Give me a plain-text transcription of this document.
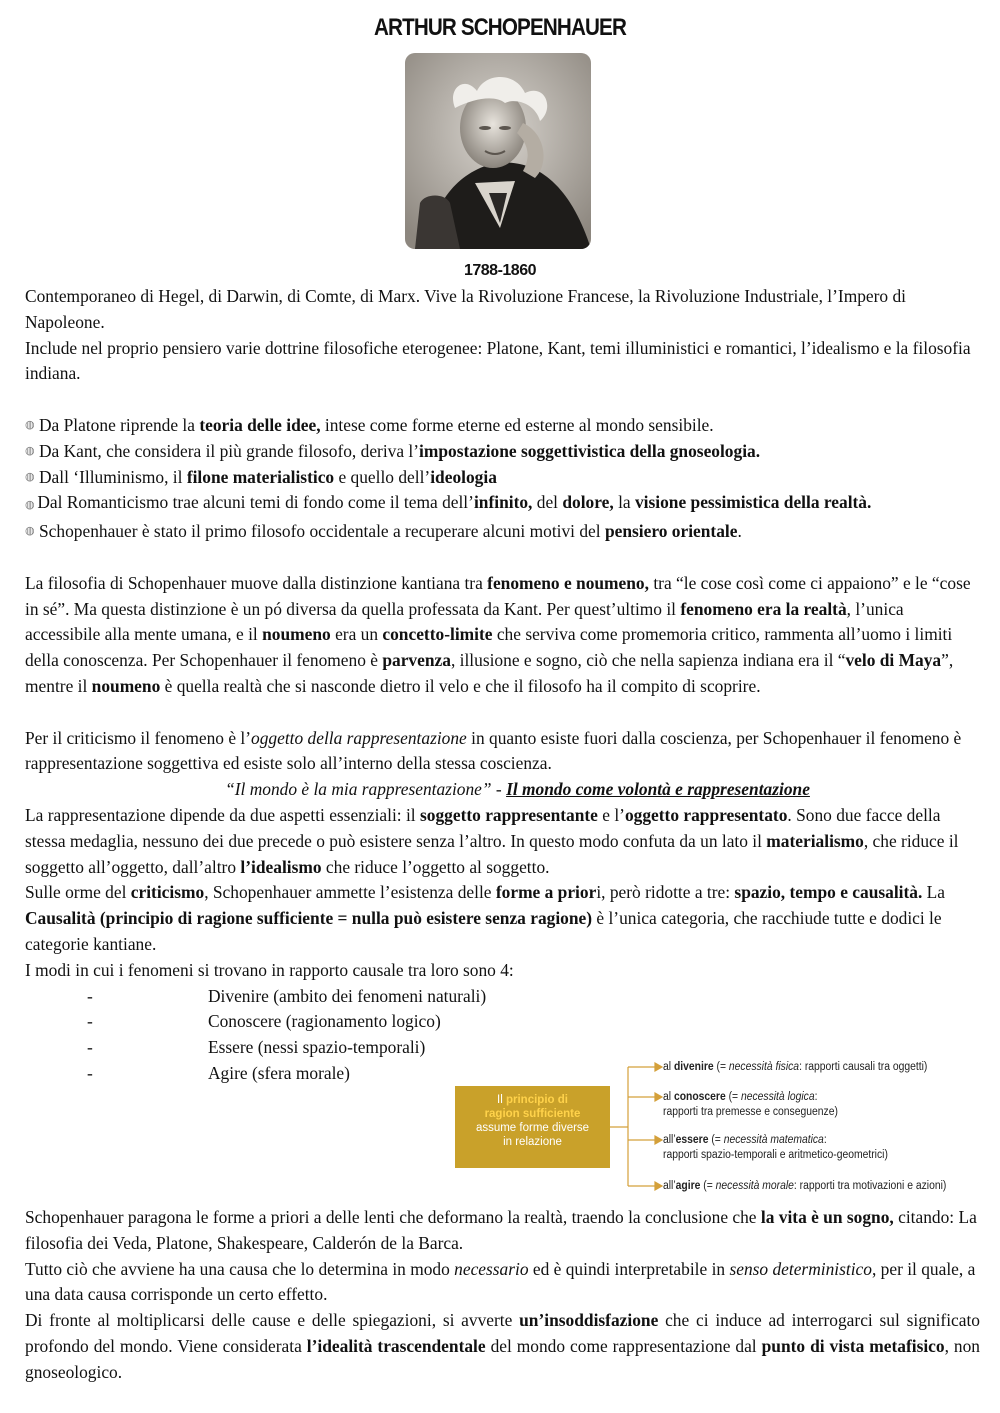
ARTHUR SCHOPENHAUER
1788-1860

Contemporaneo di Hegel, di Darwin, di Comte, di Marx. Vive la Rivoluzione Francese, la Rivoluzione Industriale, l’Impero di Napoleone.

Include nel proprio pensiero varie dottrine filosofiche eterogenee: Platone, Kant, temi illuministici e romantici, l’idealismo e la filosofia indiana.

◍ Da Platone riprende la teoria delle idee, intese come forme eterne ed esterne al mondo sensibile.
◍ Da Kant, che considera il più grande filosofo, deriva l’impostazione soggettivistica della gnoseologia.
◍ Dall ‘Illuminismo, il filone materialistico e quello dell’ideologia
◍ Dal Romanticismo trae alcuni temi di fondo come il tema dell’infinito, del dolore, la visione pessimistica della realtà.
◍ Schopenhauer è stato il primo filosofo occidentale a recuperare alcuni motivi del pensiero orientale.

La filosofia di Schopenhauer muove dalla distinzione kantiana tra fenomeno e noumeno, tra “le cose così come ci appaiono” e le “cose in sé”. Ma questa distinzione è un pó diversa da quella professata da Kant. Per quest’ultimo il fenomeno era la realtà, l’unica accessibile alla mente umana, e il noumeno era un concetto-limite che serviva come promemoria critico, rammenta all’uomo i limiti della conoscenza. Per Schopenhauer il fenomeno è parvenza, illusione e sogno, ciò che nella sapienza indiana era il “velo di Maya”, mentre il noumeno è quella realtà che si nasconde dietro il velo e che il filosofo ha il compito di scoprire.

Per il criticismo il fenomeno è l’oggetto della rappresentazione in quanto esiste fuori dalla coscienza, per Schopenhauer il fenomeno è rappresentazione soggettiva ed esiste solo all’interno della stessa coscienza.

“Il mondo è la mia rappresentazione” - Il mondo come volontà e rappresentazione

La rappresentazione dipende da due aspetti essenziali: il soggetto rappresentante e l’oggetto rappresentato. Sono due facce della stessa medaglia, nessuno dei due precede o può esistere senza l’altro. In questo modo confuta da un lato il materialismo, che riduce il soggetto all’oggetto, dall’altro l’idealismo che riduce l’oggetto al soggetto.

Sulle orme del criticismo, Schopenhauer ammette l’esistenza delle forme a priori, però ridotte a tre: spazio, tempo e causalità. La Causalità (principio di ragione sufficiente = nulla può esistere senza ragione) è l’unica categoria, che racchiude tutte e dodici le categorie kantiane.

I modi in cui i fenomeni si trovano in rapporto causale tra loro sono 4:

-	Divenire (ambito dei fenomeni naturali)
-	Conoscere (ragionamento logico)
-	Essere (nessi spazio-temporali)
-	Agire (sfera morale)
Il principio di
ragion sufficiente
assume forme diverse
in relazione
al divenire (= necessità fisica: rapporti causali tra oggetti)
al conoscere (= necessità logica:
rapporti tra premesse e conseguenze)
all’essere (= necessità matematica:
rapporti spazio-temporali e aritmetico-geometrici)
all’agire (= necessità morale: rapporti tra motivazioni e azioni)

Schopenhauer paragona le forme a priori a delle lenti che deformano la realtà, traendo la conclusione che la vita è un sogno, citando: La filosofia dei Veda, Platone, Shakespeare, Calderón de la Barca.

Tutto ciò che avviene ha una causa che lo determina in modo necessario ed è quindi interpretabile in senso deterministico, per il quale, a una data causa corrisponde un certo effetto.

Di fronte al moltiplicarsi delle cause e delle spiegazioni, si avverte un’insoddisfazione che ci induce ad interrogarci sul significato profondo del mondo. Viene considerata l’idealità trascendentale del mondo come rappresentazione dal punto di vista metafisico, non gnoseologico.
